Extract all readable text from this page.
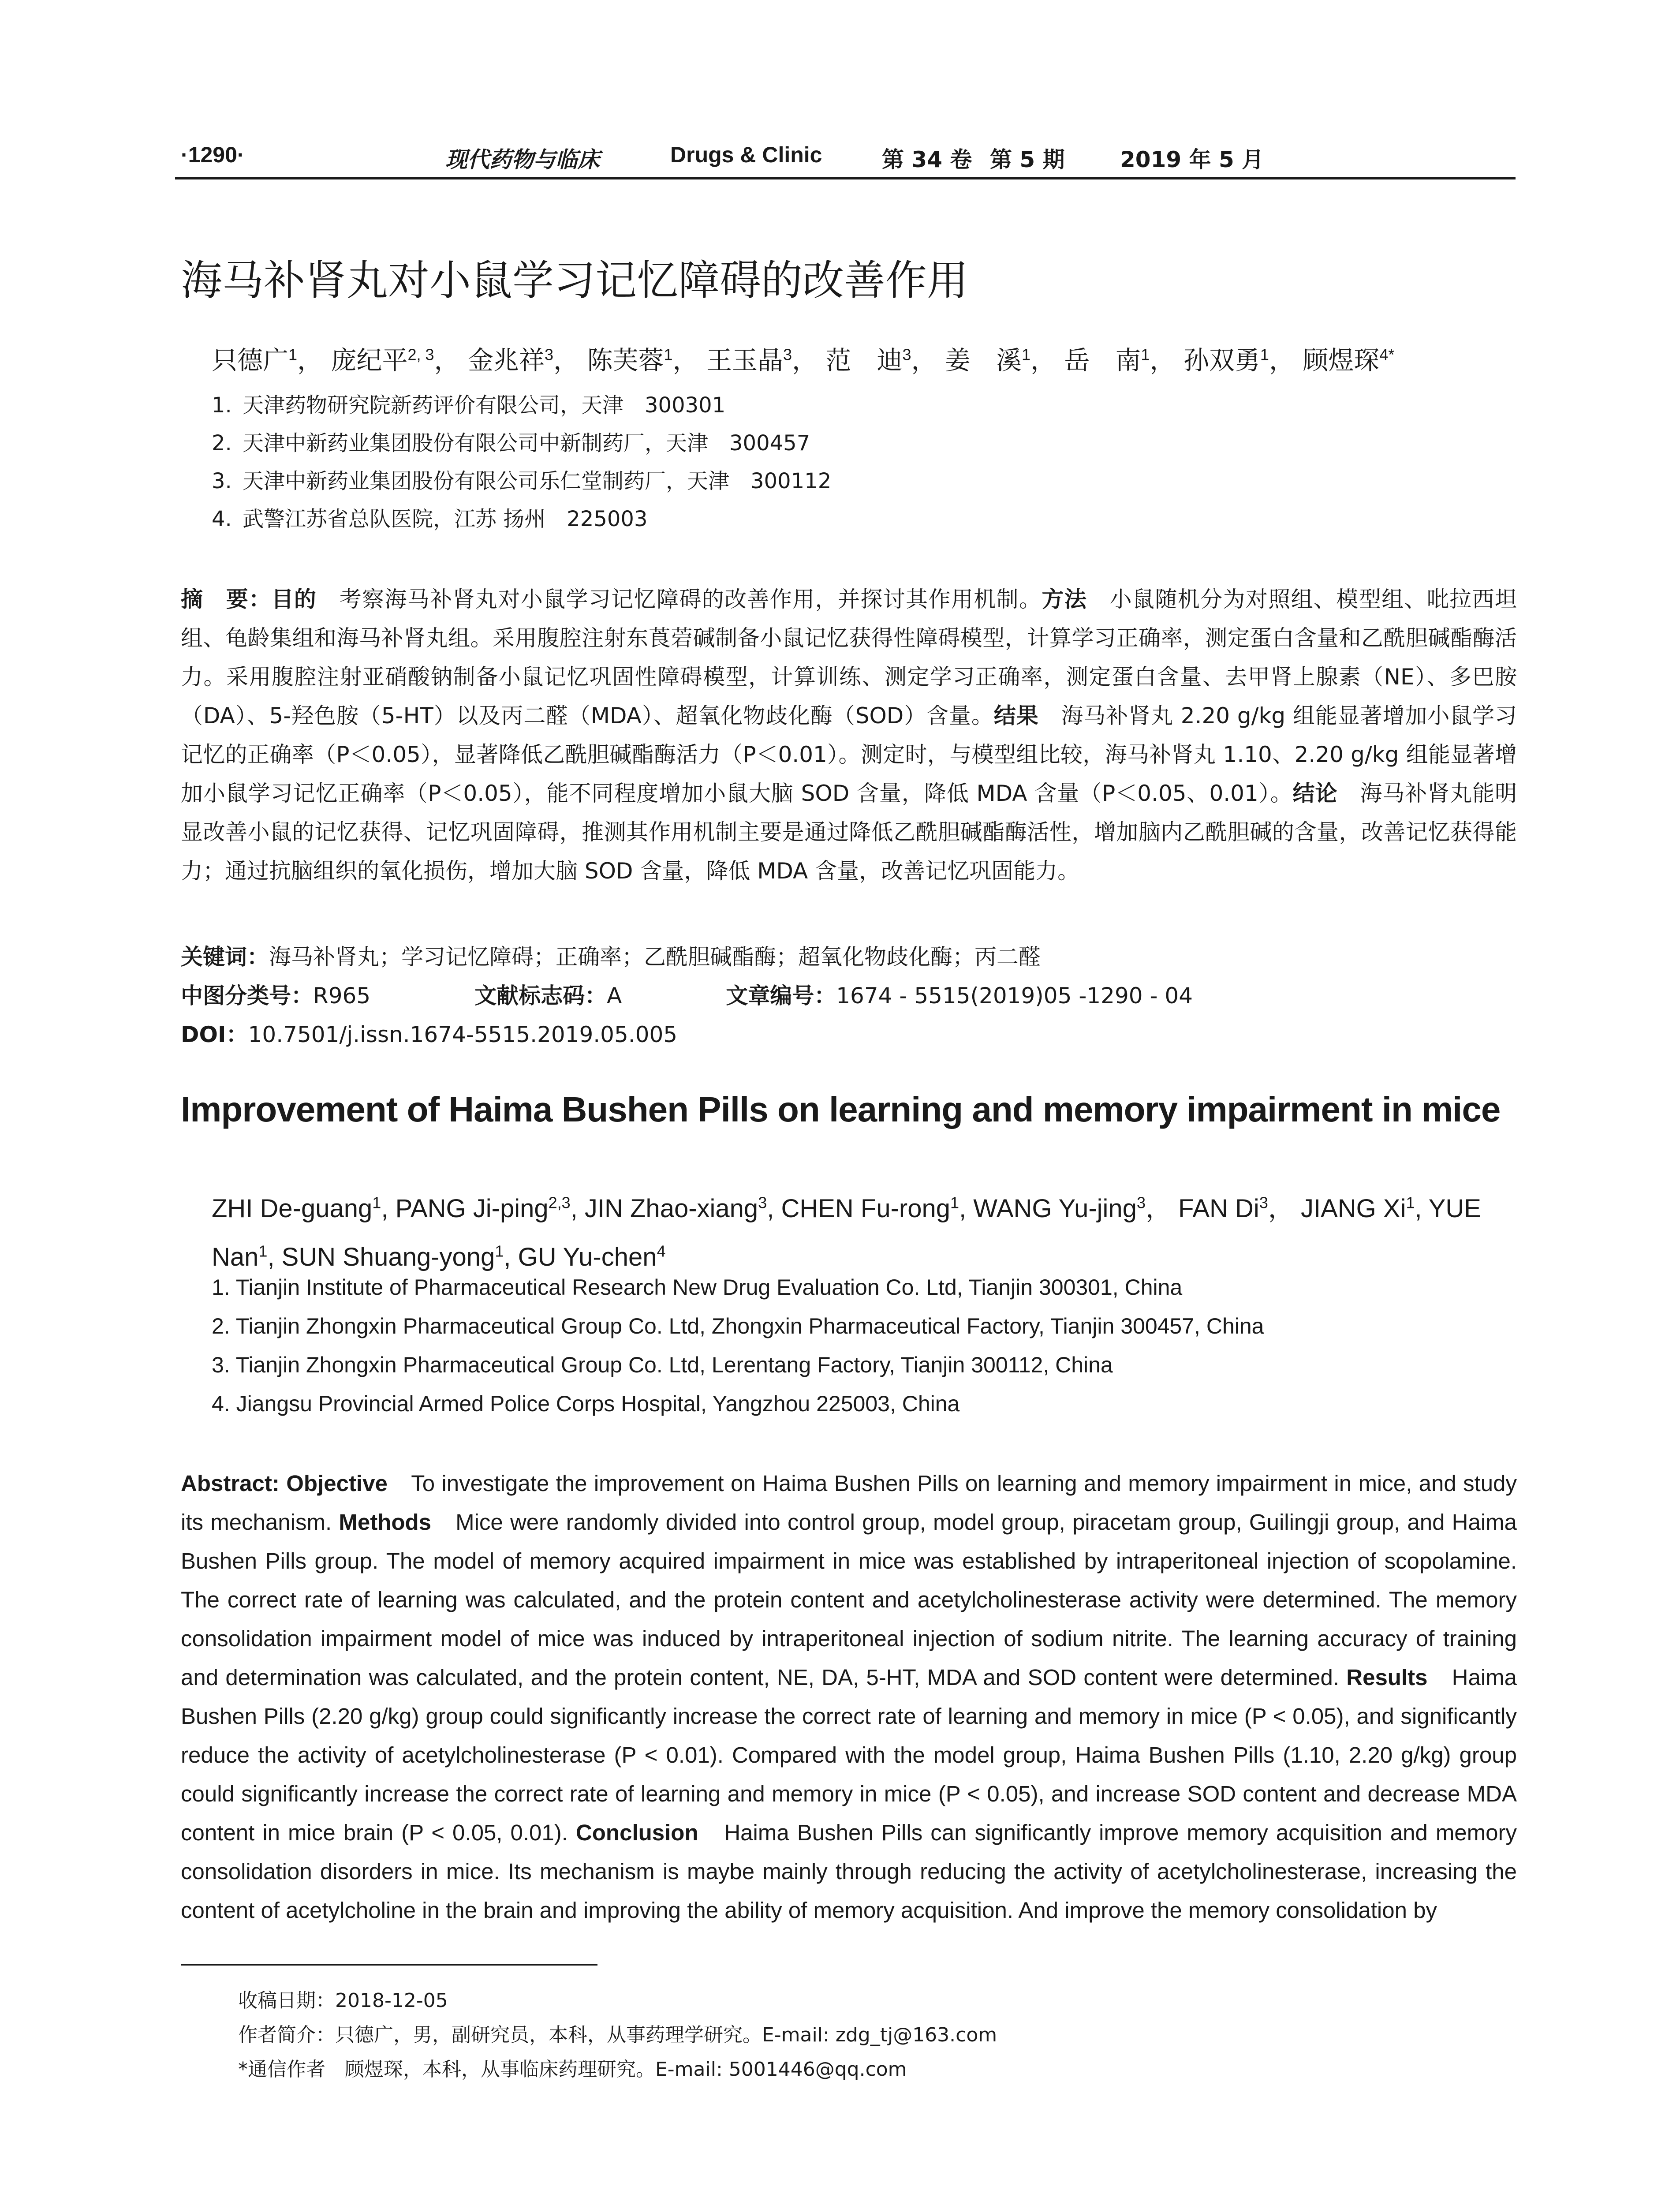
·1290·	现代药物与临床	Drugs & Clinic	第 34 卷 第 5 期	2019 年 5 月
海马补肾丸对小鼠学习记忆障碍的改善作用
只德广$^1$， 庞纪平$^{2, 3}$， 金兆祥$^3$， 陈芙蓉$^1$， 王玉晶$^3$， 范　迪$^3$， 姜　溪$^1$， 岳　南$^1$， 孙双勇$^1$， 顾煜琛$^{4*}$
1. 天津药物研究院新药评价有限公司，天津　300301
2. 天津中新药业集团股份有限公司中新制药厂，天津　300457
3. 天津中新药业集团股份有限公司乐仁堂制药厂，天津　300112
4. 武警江苏省总队医院，江苏 扬州　225003
摘　要：目的　考察海马补肾丸对小鼠学习记忆障碍的改善作用，并探讨其作用机制。方法　小鼠随机分为对照组、模型组、吡拉西坦组、龟龄集组和海马补肾丸组。采用腹腔注射东莨菪碱制备小鼠记忆获得性障碍模型，计算学习正确率，测定蛋白含量和乙酰胆碱酯酶活力。采用腹腔注射亚硝酸钠制备小鼠记忆巩固性障碍模型，计算训练、测定学习正确率，测定蛋白含量、去甲肾上腺素（NE）、多巴胺（DA）、5-羟色胺（5-HT）以及丙二醛（MDA）、超氧化物歧化酶（SOD）含量。结果　海马补肾丸 2.20 g/kg 组能显著增加小鼠学习记忆的正确率（P＜0.05），显著降低乙酰胆碱酯酶活力（P＜0.01）。测定时，与模型组比较，海马补肾丸 1.10、2.20 g/kg 组能显著增加小鼠学习记忆正确率（P＜0.05），能不同程度增加小鼠大脑 SOD 含量，降低 MDA 含量（P＜0.05、0.01）。结论　海马补肾丸能明显改善小鼠的记忆获得、记忆巩固障碍，推测其作用机制主要是通过降低乙酰胆碱酯酶活性，增加脑内乙酰胆碱的含量，改善记忆获得能力；通过抗脑组织的氧化损伤，增加大脑 SOD 含量，降低 MDA 含量，改善记忆巩固能力。
关键词：海马补肾丸；学习记忆障碍；正确率；乙酰胆碱酯酶；超氧化物歧化酶；丙二醛
中图分类号：R965	文献标志码：A	文章编号：1674 - 5515(2019)05 -1290 - 04
DOI：10.7501/j.issn.1674-5515.2019.05.005
Improvement of Haima Bushen Pills on learning and memory impairment in mice
ZHI De-guang$^1$, PANG Ji-ping$^{2,3}$, JIN Zhao-xiang$^3$, CHEN Fu-rong$^1$, WANG Yu-jing$^3$， FAN Di$^3$， JIANG Xi$^1$, YUE Nan$^1$, SUN Shuang-yong$^1$, GU Yu-chen$^4$
1. Tianjin Institute of Pharmaceutical Research New Drug Evaluation Co. Ltd, Tianjin 300301, China
2. Tianjin Zhongxin Pharmaceutical Group Co. Ltd, Zhongxin Pharmaceutical Factory, Tianjin 300457, China
3. Tianjin Zhongxin Pharmaceutical Group Co. Ltd, Lerentang Factory, Tianjin 300112, China
4. Jiangsu Provincial Armed Police Corps Hospital, Yangzhou 225003, China
Abstract: Objective　To investigate the improvement on Haima Bushen Pills on learning and memory impairment in mice, and study its mechanism. Methods　Mice were randomly divided into control group, model group, piracetam group, Guilingji group, and Haima Bushen Pills group. The model of memory acquired impairment in mice was established by intraperitoneal injection of scopolamine. The correct rate of learning was calculated, and the protein content and acetylcholinesterase activity were determined. The memory consolidation impairment model of mice was induced by intraperitoneal injection of sodium nitrite. The learning accuracy of training and determination was calculated, and the protein content, NE, DA, 5-HT, MDA and SOD content were determined. Results　Haima Bushen Pills (2.20 g/kg) group could significantly increase the correct rate of learning and memory in mice (P < 0.05), and significantly reduce the activity of acetylcholinesterase (P < 0.01). Compared with the model group, Haima Bushen Pills (1.10, 2.20 g/kg) group could significantly increase the correct rate of learning and memory in mice (P < 0.05), and increase SOD content and decrease MDA content in mice brain (P < 0.05, 0.01). Conclusion　Haima Bushen Pills can significantly improve memory acquisition and memory consolidation disorders in mice. Its mechanism is maybe mainly through reducing the activity of acetylcholinesterase, increasing the content of acetylcholine in the brain and improving the ability of memory acquisition. And improve the memory consolidation by
收稿日期：2018-12-05
作者简介：只德广，男，副研究员，本科，从事药理学研究。E-mail: zdg_tj@163.com
*通信作者　顾煜琛，本科，从事临床药理研究。E-mail: 5001446@qq.com
